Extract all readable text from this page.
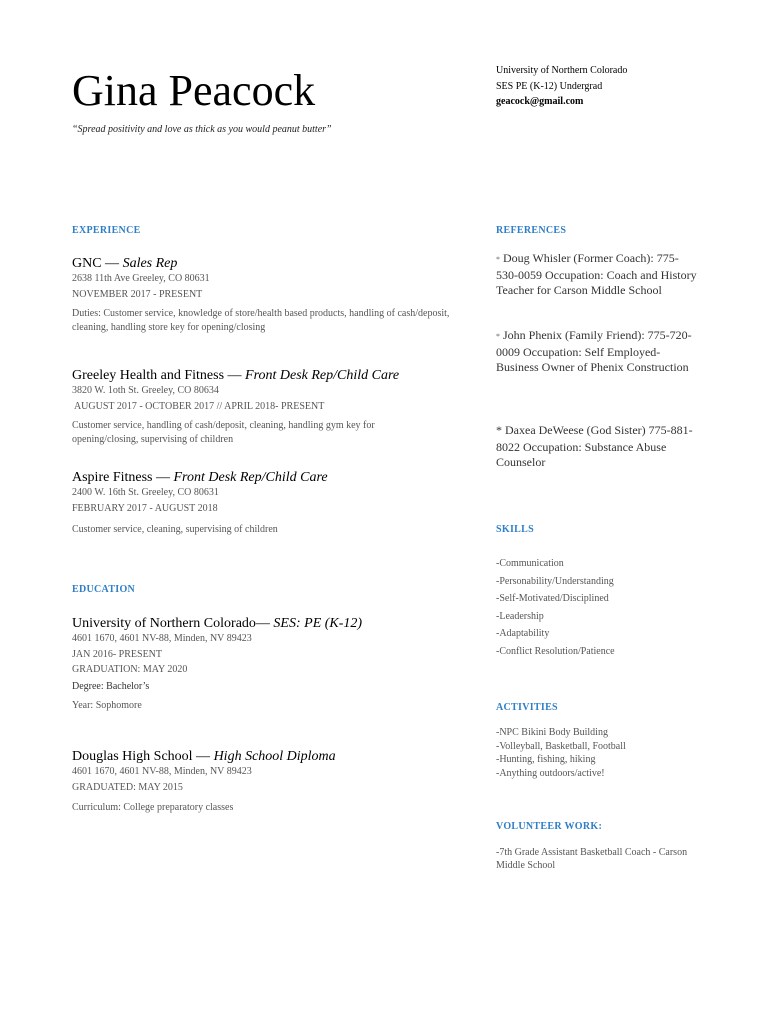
Gina Peacock
“Spread positivity and love as thick as you would peanut butter”
University of Northern Colorado
SES PE (K-12) Undergrad
geacock@gmail.com
EXPERIENCE
GNC — Sales Rep
2638 11th Ave Greeley, CO 80631
NOVEMBER 2017 - PRESENT
Duties: Customer service, knowledge of store/health based products, handling of cash/deposit, cleaning, handling store key for opening/closing
Greeley Health and Fitness — Front Desk Rep/Child Care
3820 W. 1oth St. Greeley, CO 80634
AUGUST 2017 - OCTOBER 2017 // APRIL 2018- PRESENT
Customer service, handling of cash/deposit, cleaning, handling gym key for opening/closing, supervising of children
Aspire Fitness — Front Desk Rep/Child Care
2400 W. 16th St. Greeley, CO 80631
FEBRUARY 2017 - AUGUST 2018
Customer service, cleaning, supervising of children
EDUCATION
University of Northern Colorado— SES: PE (K-12)
4601 1670, 4601 NV-88, Minden, NV 89423
JAN 2016- PRESENT
GRADUATION: MAY 2020
Degree: Bachelor’s
Year: Sophomore
Douglas High School — High School Diploma
4601 1670, 4601 NV-88, Minden, NV 89423
GRADUATED: MAY 2015
Curriculum: College preparatory classes
REFERENCES
* Doug Whisler (Former Coach): 775- 530-0059 Occupation: Coach and History Teacher for Carson Middle School
* John Phenix (Family Friend): 775-720-0009 Occupation: Self Employed- Business Owner of Phenix Construction
* Daxea DeWeese (God Sister) 775-881-8022 Occupation: Substance Abuse Counselor
SKILLS
-Communication
-Personability/Understanding
-Self-Motivated/Disciplined
-Leadership
-Adaptability
-Conflict Resolution/Patience
ACTIVITIES
-NPC Bikini Body Building
-Volleyball, Basketball, Football
-Hunting, fishing, hiking
-Anything outdoors/active!
VOLUNTEER WORK:
-7th Grade Assistant Basketball Coach - Carson Middle School
